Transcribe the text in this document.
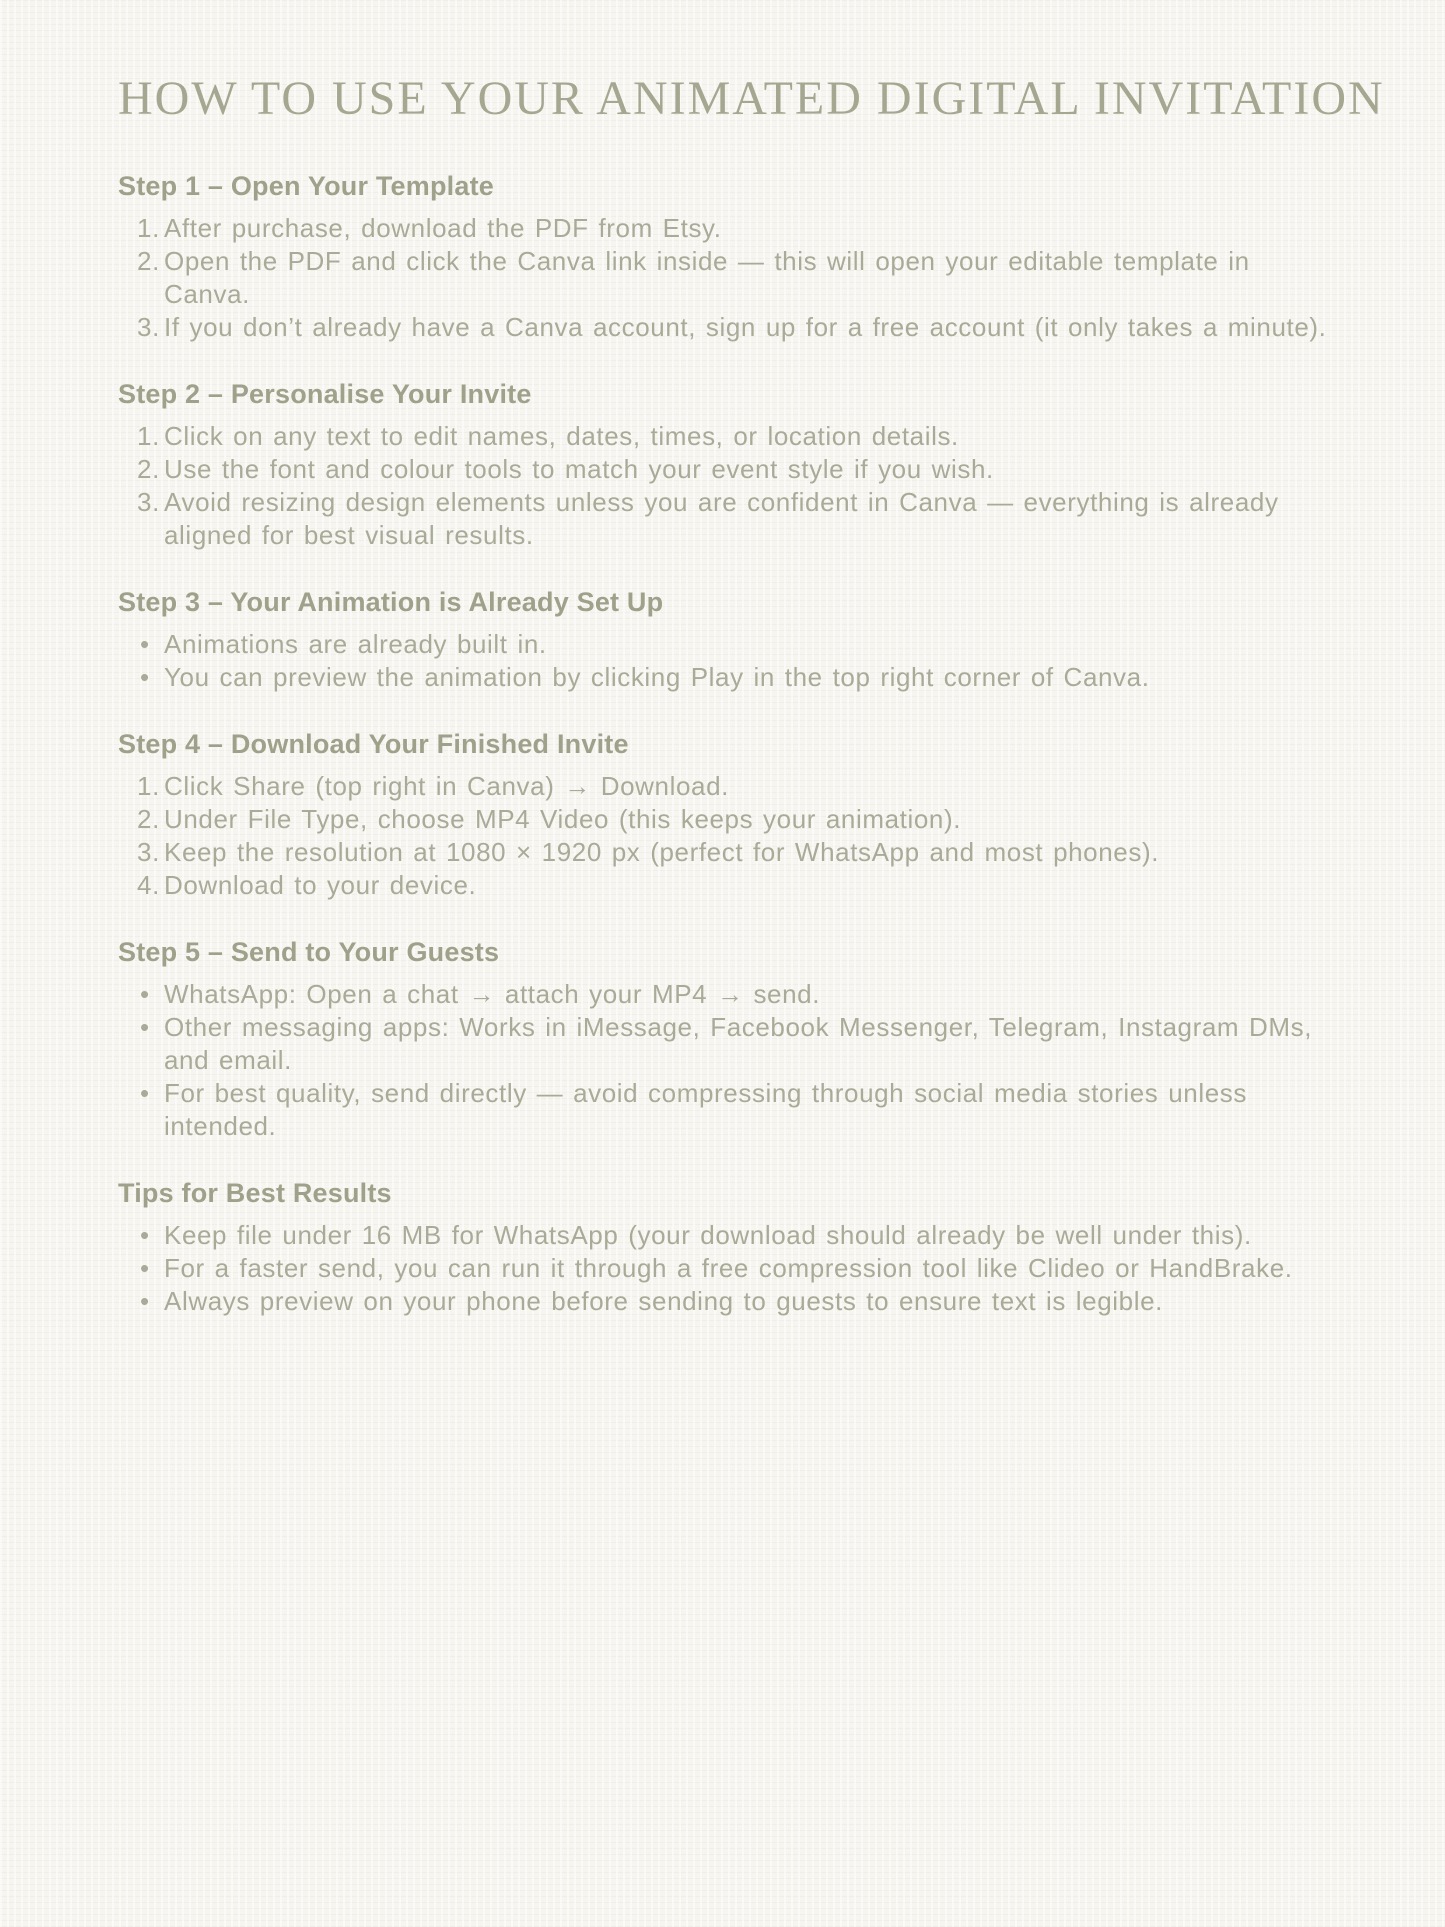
HOW TO USE YOUR ANIMATED DIGITAL INVITATION
Step 1 – Open Your Template
After purchase, download the PDF from Etsy.
Open the PDF and click the Canva link inside — this will open your editable template in Canva.
If you don’t already have a Canva account, sign up for a free account (it only takes a minute).
Step 2 – Personalise Your Invite
Click on any text to edit names, dates, times, or location details.
Use the font and colour tools to match your event style if you wish.
Avoid resizing design elements unless you are confident in Canva — everything is already aligned for best visual results.
Step 3 – Your Animation is Already Set Up
• Animations are already built in.
• You can preview the animation by clicking Play in the top right corner of Canva.
Step 4 – Download Your Finished Invite
Click Share (top right in Canva) → Download.
Under File Type, choose MP4 Video (this keeps your animation).
Keep the resolution at 1080 × 1920 px (perfect for WhatsApp and most phones).
Download to your device.
Step 5 – Send to Your Guests
• WhatsApp: Open a chat → attach your MP4 → send.
• Other messaging apps: Works in iMessage, Facebook Messenger, Telegram, Instagram DMs, and email.
• For best quality, send directly — avoid compressing through social media stories unless intended.
Tips for Best Results
• Keep file under 16 MB for WhatsApp (your download should already be well under this).
• For a faster send, you can run it through a free compression tool like Clideo or HandBrake.
• Always preview on your phone before sending to guests to ensure text is legible.
